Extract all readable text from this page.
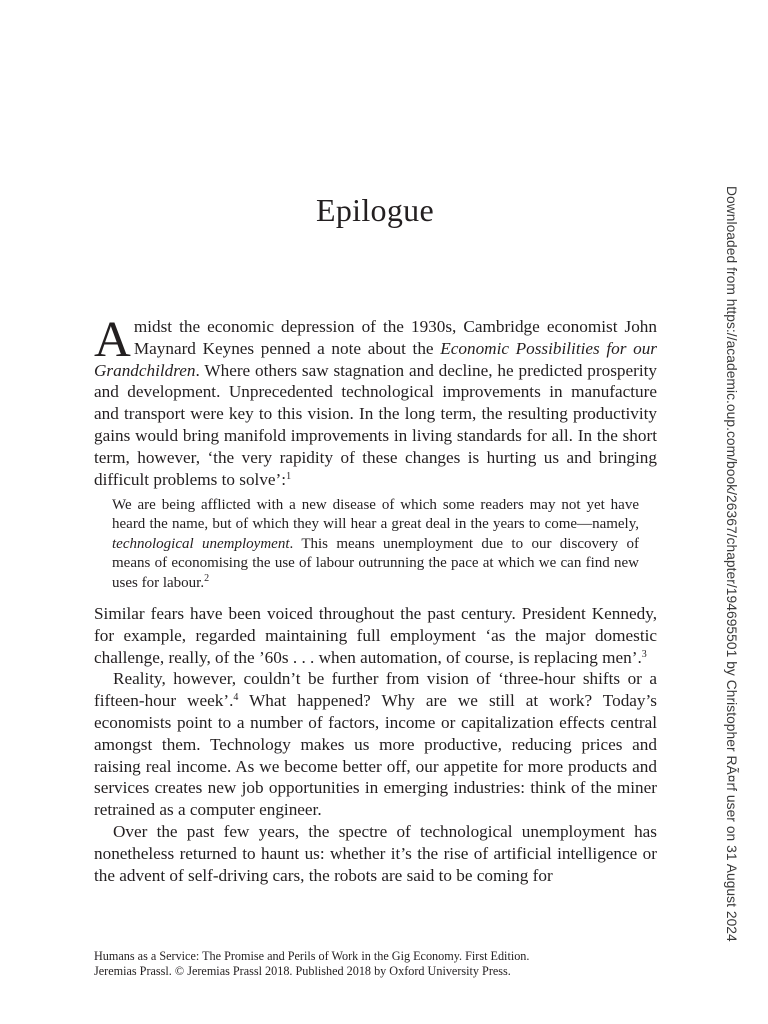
Epilogue
Amidst the economic depression of the 1930s, Cambridge economist John Maynard Keynes penned a note about the Economic Possibilities for our Grandchildren. Where others saw stagnation and decline, he predicted prosperity and development. Unprecedented technological improvements in manufacture and transport were key to this vision. In the long term, the resulting productivity gains would bring manifold improvements in living standards for all. In the short term, however, ‘the very rapidity of these changes is hurting us and bringing difficult problems to solve’:$^1$
We are being afflicted with a new disease of which some readers may not yet have heard the name, but of which they will hear a great deal in the years to come—namely, technological unemployment. This means unemployment due to our discovery of means of economising the use of labour outrunning the pace at which we can find new uses for labour.$^2$

Similar fears have been voiced throughout the past century. President Kennedy, for example, regarded maintaining full employment ‘as the major domestic challenge, really, of the ’60s . . . when automation, of course, is replacing men’.$^3$

Reality, however, couldn’t be further from vision of ‘three-hour shifts or a fifteen-hour week’.$^4$ What happened? Why are we still at work? Today’s economists point to a number of factors, income or capitalization effects central amongst them. Technology makes us more productive, reducing prices and raising real income. As we become better off, our appetite for more products and services creates new job opportunities in emerging industries: think of the miner retrained as a computer engineer.

Over the past few years, the spectre of technological unemployment has nonetheless returned to haunt us: whether it’s the rise of artificial intelligence or the advent of self-driving cars, the robots are said to be coming for

Humans as a Service: The Promise and Perils of Work in the Gig Economy. First Edition.
Jeremias Prassl. © Jeremias Prassl 2018. Published 2018 by Oxford University Press.
Downloaded from https://academic.oup.com/book/26367/chapter/194695501 by Christopher RÃ¤rf user on 31 August 2024
